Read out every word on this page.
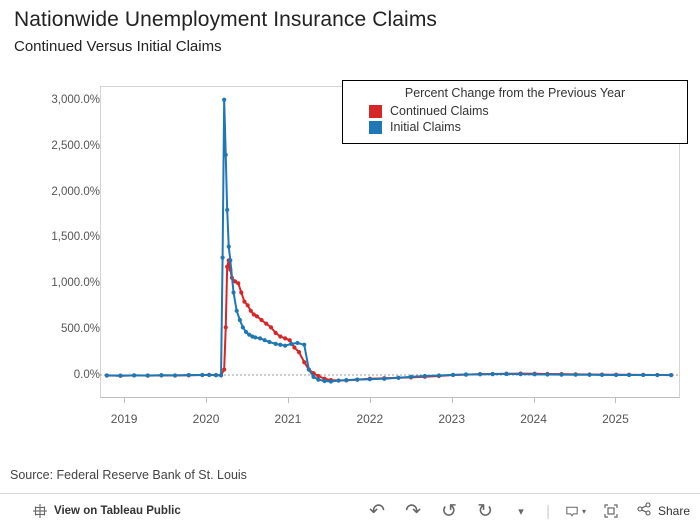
Nationwide Unemployment Insurance Claims
Continued Versus Initial Claims
0.0%
500.0%
1,000.0%
1,500.0%
2,000.0%
2,500.0%
3,000.0%
2019	2020	2021	2022	2023	2024	2025
Percent Change from the Previous Year
Continued Claims
Initial Claims
Source: Federal Reserve Bank of St. Louis
View on Tableau Public	↶ ↷ ↺ ↻	▾	|	▾	Share
